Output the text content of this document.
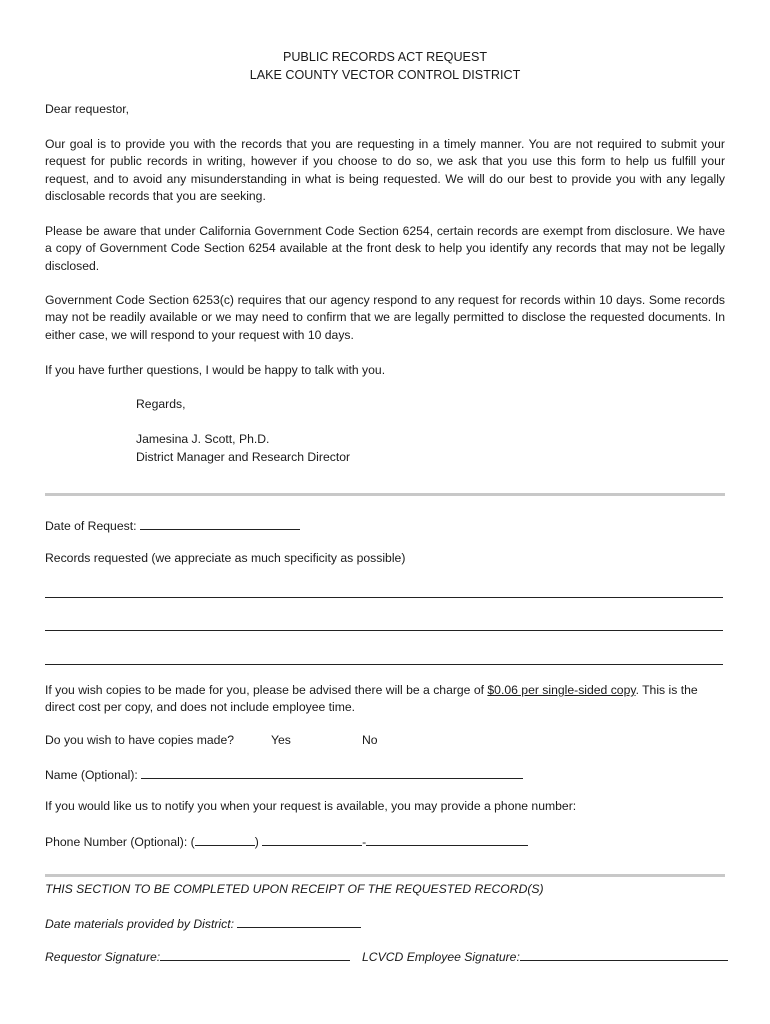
PUBLIC RECORDS ACT REQUEST
LAKE COUNTY VECTOR CONTROL DISTRICT
Dear requestor,
Our goal is to provide you with the records that you are requesting in a timely manner. You are not required to submit your request for public records in writing, however if you choose to do so, we ask that you use this form to help us fulfill your request, and to avoid any misunderstanding in what is being requested. We will do our best to provide you with any legally disclosable records that you are seeking.
Please be aware that under California Government Code Section 6254, certain records are exempt from disclosure. We have a copy of Government Code Section 6254 available at the front desk to help you identify any records that may not be legally disclosed.
Government Code Section 6253(c) requires that our agency respond to any request for records within 10 days. Some records may not be readily available or we may need to confirm that we are legally permitted to disclose the requested documents. In either case, we will respond to your request with 10 days.
If you have further questions, I would be happy to talk with you.
Regards,
Jamesina J. Scott, Ph.D.
District Manager and Research Director
Date of Request:
Records requested (we appreciate as much specificity as possible)
If you wish copies to be made for you, please be advised there will be a charge of $0.06 per single-sided copy. This is the
direct cost per copy, and does not include employee time.
Do you wish to have copies made?	Yes	No
Name (Optional):
If you would like us to notify you when your request is available, you may provide a phone number:
Phone Number (Optional): (	)	-
THIS SECTION TO BE COMPLETED UPON RECEIPT OF THE REQUESTED RECORD(S)
Date materials provided by District:
Requestor Signature:	LCVCD Employee Signature:
